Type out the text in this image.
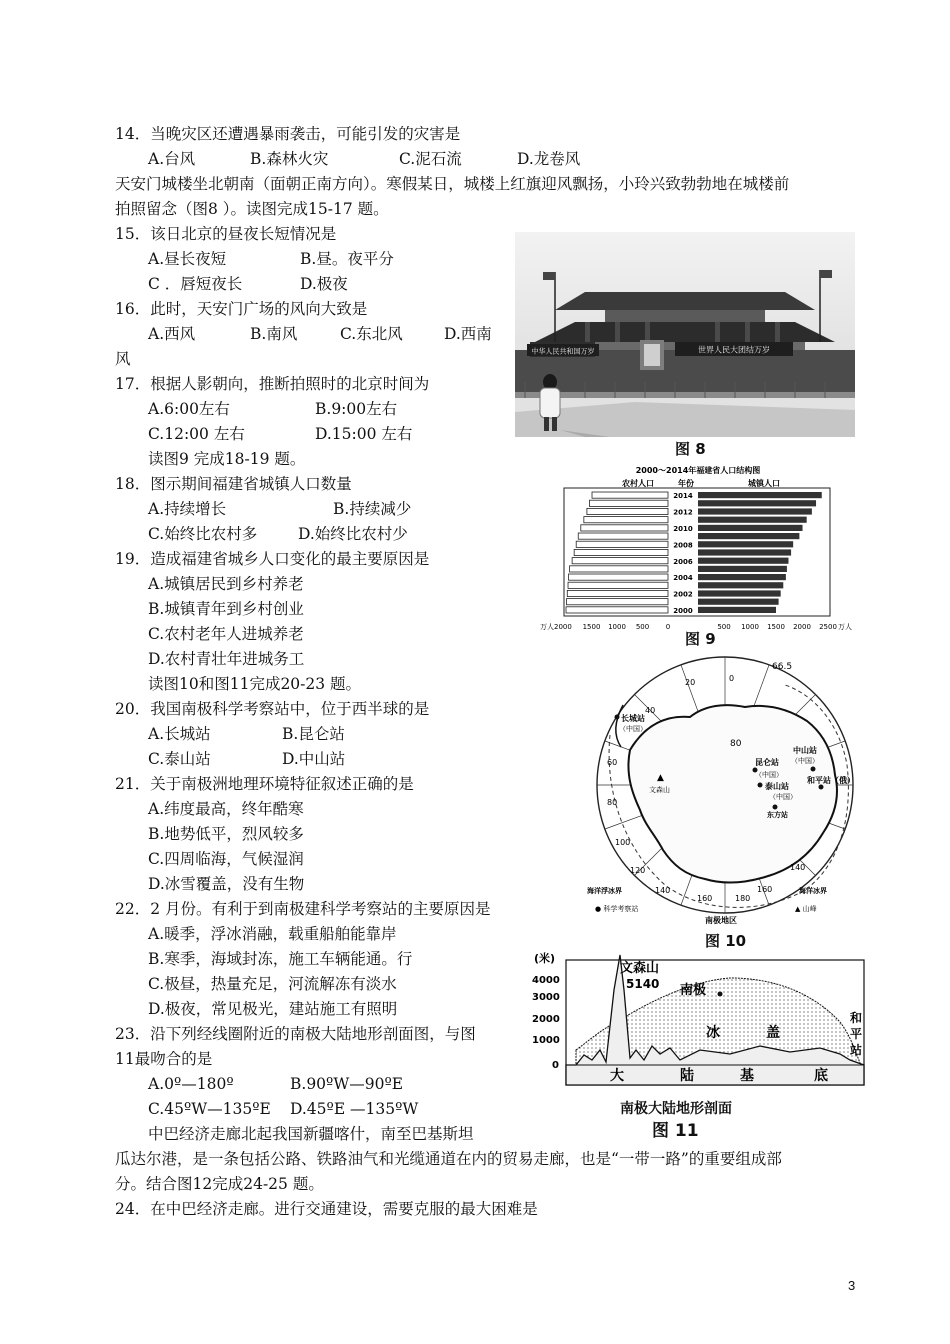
14．当晚灾区还遭遇暴雨袭击，可能引发的灾害是
A.台风	B.森林火灾	C.泥石流	D.龙卷风
天安门城楼坐北朝南（面朝正南方向）。寒假某日，城楼上红旗迎风飘扬，小玲兴致勃勃地在城楼前
拍照留念（图8 ）。读图完成15-17 题。
15．该日北京的昼夜长短情况是
A.昼长夜短	B.昼。夜平分
C ．唇短夜长	D.极夜
16．此时，天安门广场的风向大致是
A.西风	B.南风	C.东北风	D.西南
风
17．根据人影朝向，推断拍照时的北京时间为
A.6:00左右	B.9:00左右
C.12:00 左右	D.15:00 左右
读图9 完成18-19 题。
18．图示期间福建省城镇人口数量
A.持续增长	B.持续减少
C.始终比农村多	D.始终比农村少
19．造成福建省城乡人口变化的最主要原因是
A.城镇居民到乡村养老
B.城镇青年到乡村创业
C.农村老年人进城养老
D.农村青壮年进城务工
读图10和图11完成20-23 题。
20．我国南极科学考察站中，位于西半球的是
A.长城站	B.昆仑站
C.泰山站	D.中山站
21．关于南极洲地理环境特征叙述正确的是
A.纬度最高，终年酷寒
B.地势低平，烈风较多
C.四周临海，气候湿润
D.冰雪覆盖，没有生物
22．2 月份。有利于到南极建科学考察站的主要原因是
A.暖季，浮冰消融，载重船舶能靠岸
B.寒季，海域封冻，施工车辆能通。行
C.极昼，热量充足，河流解冻有淡水
D.极夜，常见极光，建站施工有照明
23．沿下列经线圈附近的南极大陆地形剖面图，与图
11最吻合的是
A.0º—180º	B.90ºW—90ºE
C.45ºW—135ºE D.45ºE —135ºW
中巴经济走廊北起我国新疆喀什，南至巴基斯坦
瓜达尔港，是一条包括公路、铁路油气和光缆通道在内的贸易走廊，也是“一带一路”的重要组成部
分。结合图12完成24-25 题。
24．在中巴经济走廊。进行交通建设，需要克服的最大困难是
中华人民共和国万岁	世界人民大团结万岁
图 8
2000～2014年福建省人口结构图
农村人口	年份	城镇人口
2014
2012
2010
2008
2006
2004
2002
2000
万人2000 1500 1000 500 0	500 1000 1500 2000 2500 万人
图 9
66.5
80
0
20
40
60
80
100
120
140
160	180
160
140
长城站
（中国）
中山站
（中国）
昆仑站
（中国）
泰山站
（中国）
和平站（俄）
东方站
▲
文森山
海洋浮冰界	海洋冰界
● 科学考察站	▲ 山峰
南极地区
图 10
(米)
4000
3000
2000
1000
0
文森山
5140 南极
和
平
站
冰	盖
大	陆	基	底
南极大陆地形剖面
图 11
3
